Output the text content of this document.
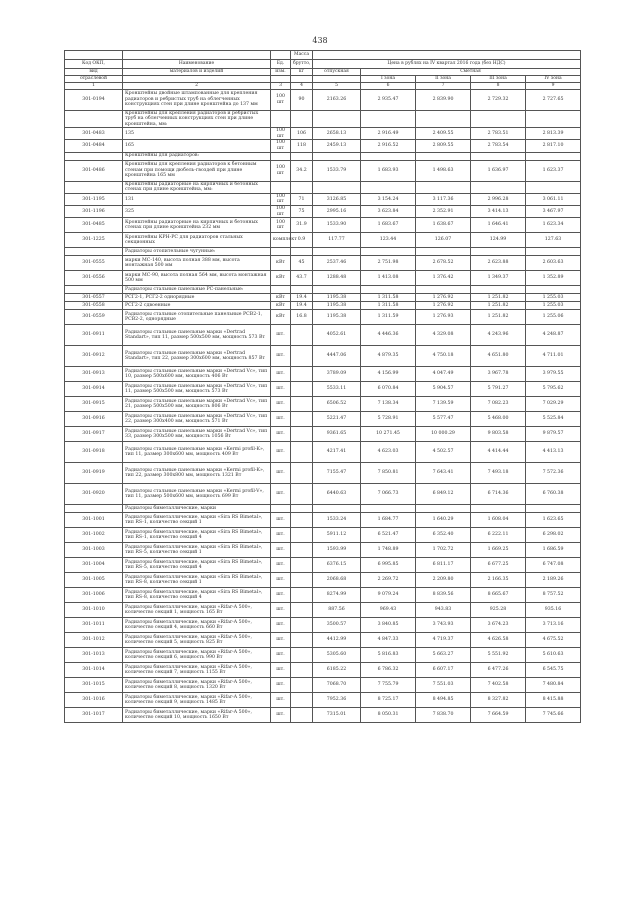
438
			Масса					
Код ОКП,	Наименование	Ед.	брутто,	Цена в рублях на IV квартал 2016 года (без НДС)				
вид	материалов и изделий	изм.	кг	отпускная	Сметная			
отраслевой					I зона	II зона	III зона	IV зона
1	2	3	4	5	6	7	8	9
301-0194	Кронштейны двойные штампованные для крепления радиаторов и ребристых труб на облегченных конструкциях стен при длине кронштейна до 137 мм	100 шт	90	2163.26	2 935.47	2 839.90	2 729.32	2 727.65
	Кронштейны для крепления радиаторов и ребристых труб на облегченных конструкциях стен при длине кронштейна, мм:							
301-0483	135	100 шт	106	2658.13	2 916.49	2 409.55	2 783.51	2 813.39
301-0484	165	100 шт	118	2459.13	2 916.52	2 809.55	2 783.54	2 817.10
	Кронштейны для радиаторов:							
301-0486	Кронштейны для крепления радиаторов к бетонным стенам при помощи дюбель-гвоздей при длине кронштейна 165 мм	100 шт	34.2	1533.79	1 683.93	1 498.63	1 636.97	1 623.37
	Кронштейны радиаторные на кирпичных и бетонных стенах при длине кронштейна, мм:							
301-1195	131	100 шт	71	3126.85	3 154.24	3 117.36	2 996.28	3 061.11
301-1196	325	100 шт	75	2995.16	3 623.84	2 352.91	3 414.13	3 467.97
301-0485	Кронштейны радиаторные на кирпичных и бетонных стенах при длине кронштейна 232 мм	100 шт	31.9	1533.90	1 683.67	1 638.67	1 646.41	1 623.34
301-1225	Кронштейны КРН-РС для радиаторов стальных секционных	комплект	0.9	117.77	123.44	126.07	124.99	127.63
	Радиаторы отопительные чугунные:							
301-0555	марки МС-140, высота полная 388 мм, высота монтажная 500 мм	кВт	45	2537.46	2 751.98	2 678.52	2 623.88	2 603.63
301-0556	марки МС-90, высота полная 564 мм, высота монтажная 500 мм	кВт	43.7	1288.48	1 413.08	1 376.42	1 349.37	1 352.89
	Радиаторы стальные панельные РС-панельные:							
301-0557	РСГ2-1, РСГ2-2 однорядные	кВт	19.4	1195.38	1 311.58	1 276.92	1 251.82	1 255.03
301-0558	РСГ2-2 сдвоенные	кВт	19.4	1195.38	1 311.58	1 276.92	1 251.82	1 255.03
301-0559	Радиаторы стальные отопительные панельные РСВ2-1, РСВ2-2, однорядные	кВт	16.8	1195.38	1 311.59	1 276.93	1 251.82	1 255.06
301-0911	Радиаторы стальные панельные марки «Dertrad Standart», тип 11, размер 500х500 мм, мощность 573 Вт	шт.		4052.61	4 446.36	4 329.08	4 243.96	4 248.87
301-0912	Радиаторы стальные панельные марки «Dertrad Standart», тип 22, размер 300х600 мм, мощность 857 Вт	шт.		4447.06	4 879.35	4 750.18	4 651.80	4 711.01
301-0913	Радиаторы стальные панельные марки «Dertrad Vc», тип 10, размер 500х600 мм, мощность 406 Вт	шт.		3789.09	4 156.99	4 047.49	3 967.78	3 979.55
301-0914	Радиаторы стальные панельные марки «Dertrad Vc», тип 11, размер 500х500 мм, мощность 573 Вт	шт.		5533.11	6 070.84	5 904.57	5 791.27	5 795.62
301-0915	Радиаторы стальные панельные марки «Dertrad Vc», тип 21, размер 500х500 мм, мощность 806 Вт	шт.		6506.52	7 138.34	7 139.59	7 082.23	7 029.29
301-0916	Радиаторы стальные панельные марки «Dertrad Vc», тип 22, размер 300х400 мм, мощность 571 Вт	шт.		5221.47	5 728.91	5 577.47	5 468.00	5 525.84
301-0917	Радиаторы стальные панельные марки «Dertrad Vc», тип 33, размер 300х500 мм, мощность 1056 Вт	шт.		9361.65	10 271.45	10 000.29	9 803.58	9 879.57
301-0918	Радиаторы стальные панельные марки «Kermi profil-K», тип 11, размер 300х600 мм, мощность 409 Вт	шт.		4217.41	4 623.03	4 502.57	4 414.44	4 413.13
301-0919	Радиаторы стальные панельные марки «Kermi profil-K», тип 22, размер 300х800 мм, мощность 1321 Вт	шт.		7155.47	7 850.81	7 643.41	7 493.18	7 572.36
301-0920	Радиаторы стальные панельные марки «Kermi profil-V», тип 11, размер 500х600 мм, мощность 699 Вт	шт.		6440.63	7 066.73	6 849.12	6 714.36	6 760.38
	Радиаторы биметаллические, марки							
301-1001	Радиаторы биметаллические, марки «Sira RS Bimetal», тип RS-1, количество секций 1	шт.		1533.24	1 684.77	1 640.29	1 608.04	1 623.65
301-1002	Радиаторы биметаллические, марки «Sira RS Bimetal», тип RS-1, количество секций 4	шт.		5911.12	6 521.47	6 352.40	6 222.11	6 298.02
301-1003	Радиаторы биметаллические, марки «Sira RS Bimetal», тип RS-5, количество секций 1	шт.		1593.99	1 748.89	1 702.72	1 669.25	1 686.59
301-1004	Радиаторы биметаллические, марки «Sira RS Bimetal», тип RS-5, количество секций 4	шт.		6376.15	6 995.85	6 811.17	6 677.25	6 747.08
301-1005	Радиаторы биметаллические, марки «Sira RS Bimetal», тип RS-8, количество секций 1	шт.		2068.68	2 269.72	2 209.80	2 166.35	2 189.26
301-1006	Радиаторы биметаллические, марки «Sira RS Bimetal», тип RS-8, количество секций 4	шт.		8274.99	9 079.24	8 839.56	8 665.67	8 757.52
301-1010	Радиаторы биметаллические, марки «Rifar-A 500», количество секций 1, мощность 165 Вт	шт.		887.56	969.43	943.83	925.28	935.16
301-1011	Радиаторы биметаллические, марки «Rifar-A 500», количество секций 4, мощность 660 Вт	шт.		3500.57	3 840.85	3 743.93	3 674.23	3 713.16
301-1012	Радиаторы биметаллические, марки «Rifar-A 500», количество секций 5, мощность 825 Вт	шт.		4412.99	4 847.33	4 719.37	4 626.58	4 675.52
301-1013	Радиаторы биметаллические, марки «Rifar-A 500», количество секций 6, мощность 990 Вт	шт.		5305.60	5 816.83	5 663.27	5 551.92	5 610.63
301-1014	Радиаторы биметаллические, марки «Rifar-A 500», количество секций 7, мощность 1155 Вт	шт.		6185.22	6 786.32	6 607.17	6 477.26	6 545.75
301-1015	Радиаторы биметаллические, марки «Rifar-A 500», количество секций 8, мощность 1320 Вт	шт.		7068.70	7 755.79	7 551.03	7 402.58	7 480.84
301-1016	Радиаторы биметаллические, марки «Rifar-A 500», количество секций 9, мощность 1485 Вт	шт.		7952.36	8 725.17	8 494.85	8 327.82	8 415.88
301-1017	Радиаторы биметаллические, марки «Rifar-A 500», количество секций 10, мощность 1650 Вт	шт.		7315.01	8 050.31	7 838.70	7 664.59	7 745.66
